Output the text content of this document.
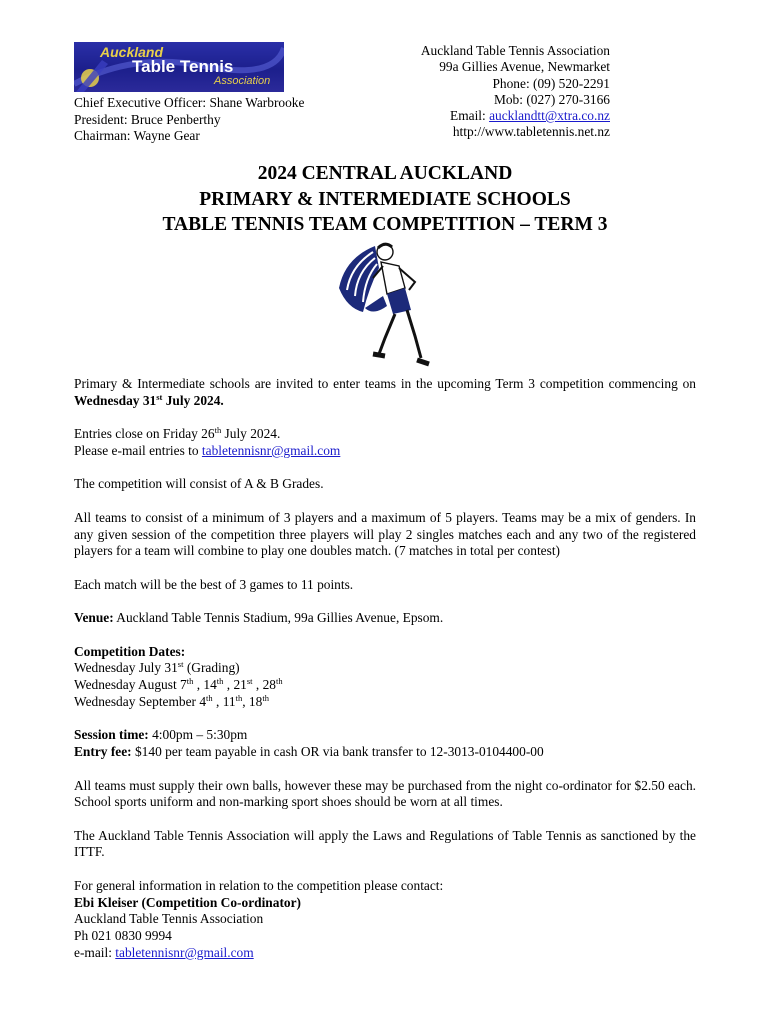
Auckland
Table Tennis
Association
Chief Executive Officer: Shane Warbrooke
President: Bruce Penberthy
Chairman: Wayne Gear
Auckland Table Tennis Association
99a Gillies Avenue, Newmarket
Phone: (09) 520-2291
Mob: (027) 270-3166
Email: aucklandtt@xtra.co.nz
http://www.tabletennis.net.nz
2024 CENTRAL AUCKLAND
PRIMARY & INTERMEDIATE SCHOOLS
TABLE TENNIS TEAM COMPETITION – TERM 3

Primary & Intermediate schools are invited to enter teams in the upcoming Term 3 competition commencing on Wednesday 31st July 2024.

Entries close on Friday 26th July 2024.
Please e-mail entries to tabletennisnr@gmail.com

The competition will consist of A & B Grades.

All teams to consist of a minimum of 3 players and a maximum of 5 players. Teams may be a mix of genders. In any given session of the competition three players will play 2 singles matches each and any two of the registered players for a team will combine to play one doubles match. (7 matches in total per contest)

Each match will be the best of 3 games to 11 points.

Venue: Auckland Table Tennis Stadium, 99a Gillies Avenue, Epsom.

Competition Dates:
Wednesday July 31st (Grading)
Wednesday August 7th , 14th , 21st , 28th
Wednesday September 4th , 11th, 18th

Session time: 4:00pm – 5:30pm
Entry fee: $140 per team payable in cash OR via bank transfer to 12-3013-0104400-00

All teams must supply their own balls, however these may be purchased from the night co-ordinator for $2.50 each. School sports uniform and non-marking sport shoes should be worn at all times.

The Auckland Table Tennis Association will apply the Laws and Regulations of Table Tennis as sanctioned by the ITTF.

For general information in relation to the competition please contact:
Ebi Kleiser (Competition Co-ordinator)
Auckland Table Tennis Association
Ph 021 0830 9994
e-mail: tabletennisnr@gmail.com
